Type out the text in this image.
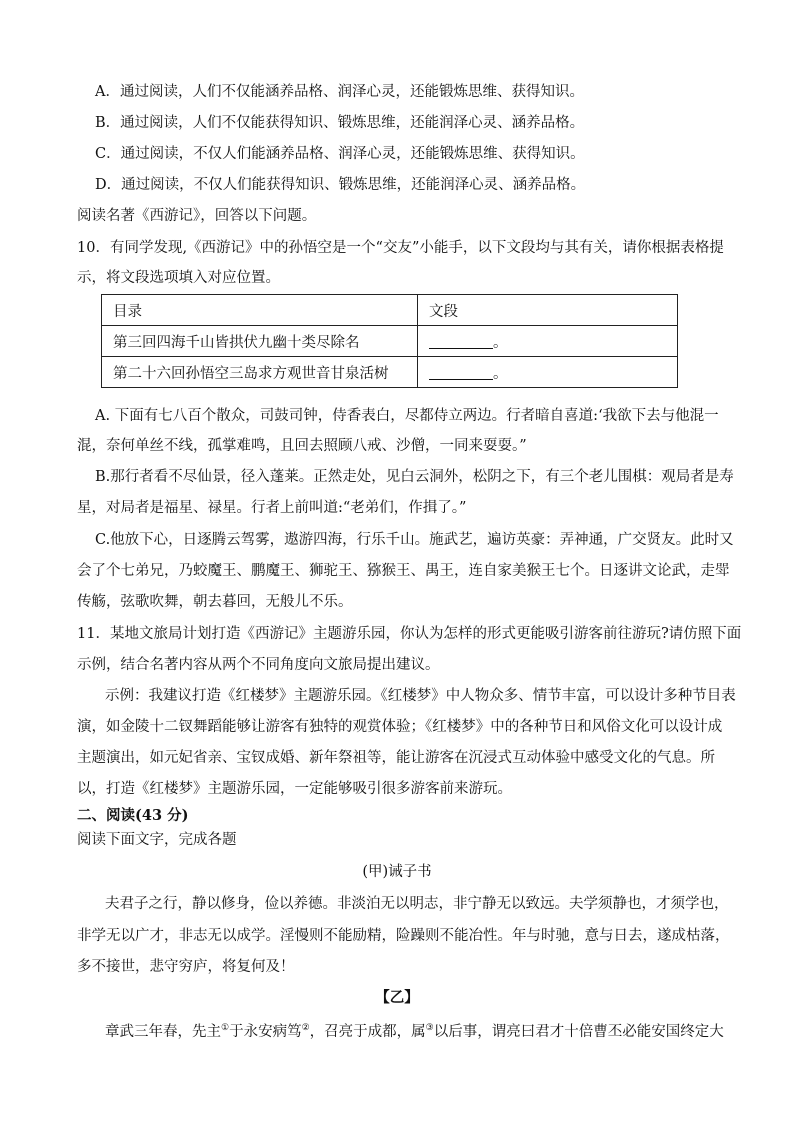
A．通过阅读，人们不仅能涵养品格、润泽心灵，还能锻炼思维、获得知识。
B．通过阅读，人们不仅能获得知识、锻炼思维，还能润泽心灵、涵养品格。
C．通过阅读，不仅人们能涵养品格、润泽心灵，还能锻炼思维、获得知识。
D．通过阅读，不仅人们能获得知识、锻炼思维，还能润泽心灵、涵养品格。
阅读名著《西游记》，回答以下问题。
10．有同学发现,《西游记》中的孙悟空是一个“交友”小能手，以下文段均与其有关，请你根据表格提
示，将文段选项填入对应位置。
目录	文段
第三回四海千山皆拱伏九幽十类尽除名	。
第二十六回孙悟空三岛求方观世音甘泉活树	。
A. 下面有七八百个散众，司鼓司钟，侍香表白，尽都侍立两边。行者暗自喜道:‘我欲下去与他混一
混，奈何单丝不线，孤掌难鸣，且回去照顾八戒、沙僧，一同来耍耍。”
B.那行者看不尽仙景，径入蓬莱。正然走处，见白云洞外，松阴之下，有三个老儿围棋：观局者是寿
星，对局者是福星、禄星。行者上前叫道:“老弟们，作揖了。”
C.他放下心，日逐腾云驾雾，遨游四海，行乐千山。施武艺，遍访英豪：弄神通，广交贤友。此时又
会了个七弟兄，乃蛟魔王、鹏魔王、狮驼王、猕猴王、禺王，连自家美猴王七个。日逐讲文论武，走斝
传觞，弦歌吹舞，朝去暮回，无般儿不乐。
11．某地文旅局计划打造《西游记》主题游乐园，你认为怎样的形式更能吸引游客前往游玩?请仿照下面
示例，结合名著内容从两个不同角度向文旅局提出建议。
示例：我建议打造《红楼梦》主题游乐园。《红楼梦》中人物众多、情节丰富，可以设计多种节目表
演，如金陵十二钗舞蹈能够让游客有独特的观赏体验；《红楼梦》中的各种节日和风俗文化可以设计成
主题演出，如元妃省亲、宝钗成婚、新年祭祖等，能让游客在沉浸式互动体验中感受文化的气息。所
以，打造《红楼梦》主题游乐园，一定能够吸引很多游客前来游玩。
二、阅读(43 分)
阅读下面文字，完成各题
(甲)诫子书
夫君子之行，静以修身，俭以养德。非淡泊无以明志，非宁静无以致远。夫学须静也，才须学也，
非学无以广才，非志无以成学。淫慢则不能励精，险躁则不能冶性。年与时驰，意与日去，遂成枯落，
多不接世，悲守穷庐，将复何及！
【乙】
章武三年春，先主①于永安病笃②，召亮于成都，属③以后事，谓亮曰君才十倍曹丕必能安国终定大
